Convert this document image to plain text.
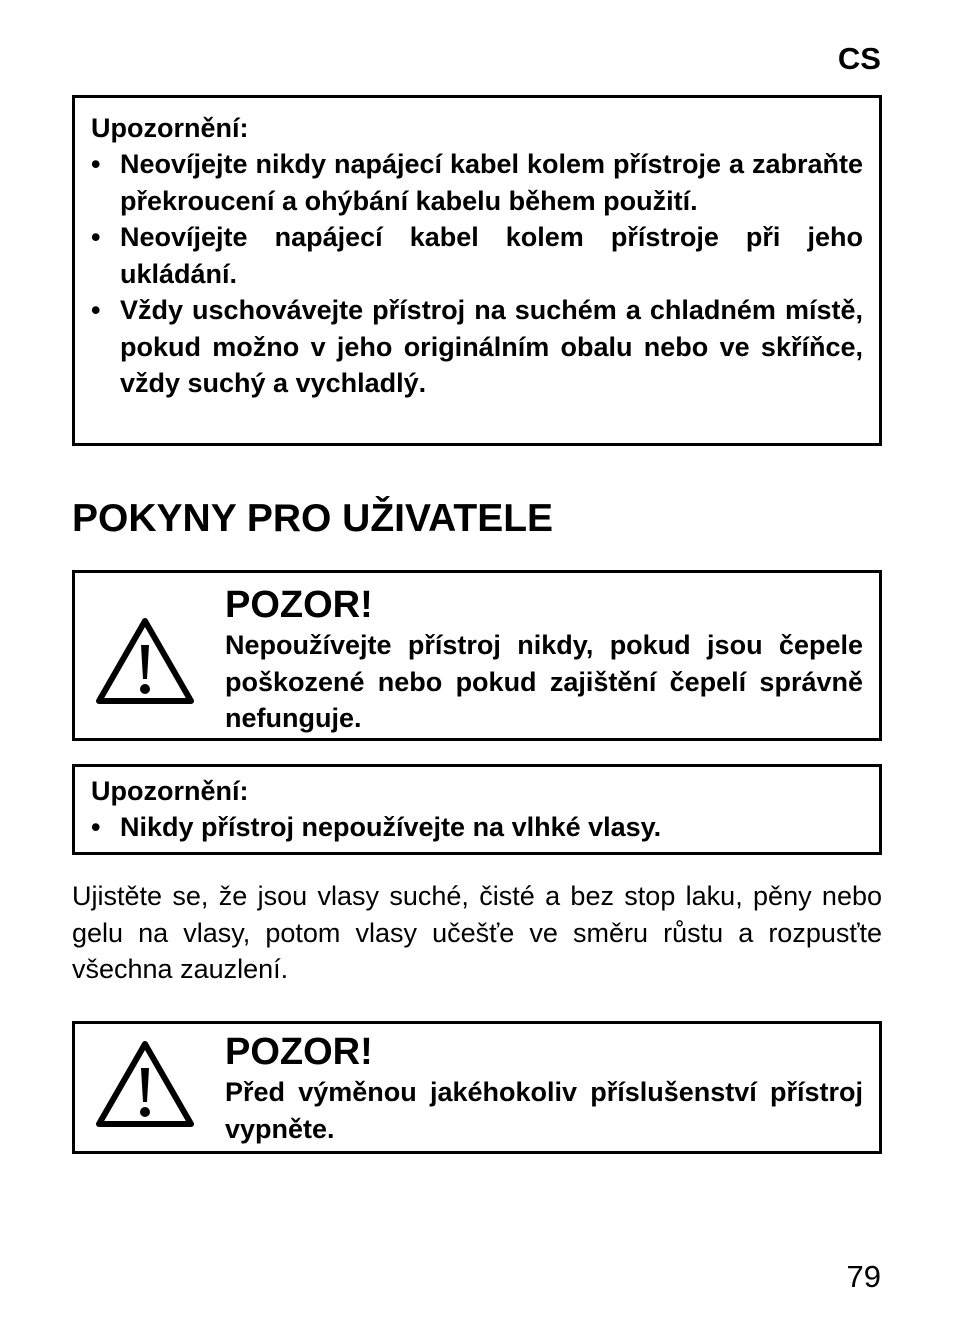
CS

Upozornění:

• Neovíjejte nikdy napájecí kabel kolem přístroje a zabraňte překroucení a ohýbání kabelu během použití.
• Neovíjejte napájecí kabel kolem přístroje při jeho ukládání.
• Vždy uschovávejte přístroj na suchém a chladném místě, pokud možno v jeho originálním obalu nebo ve skříňce, vždy suchý a vychladlý.
POKYNY PRO UŽIVATELE

POZOR!

Nepoužívejte přístroj nikdy, pokud jsou čepele poškozené nebo pokud zajištění čepelí správně nefunguje.

Upozornění:

• Nikdy přístroj nepoužívejte na vlhké vlasy.

Ujistěte se, že jsou vlasy suché, čisté a bez stop laku, pěny nebo gelu na vlasy, potom vlasy učešťe ve směru růstu a rozpusťte všechna zauzlení.

POZOR!

Před výměnou jakéhokoliv příslušenství přístroj vypněte.

79
